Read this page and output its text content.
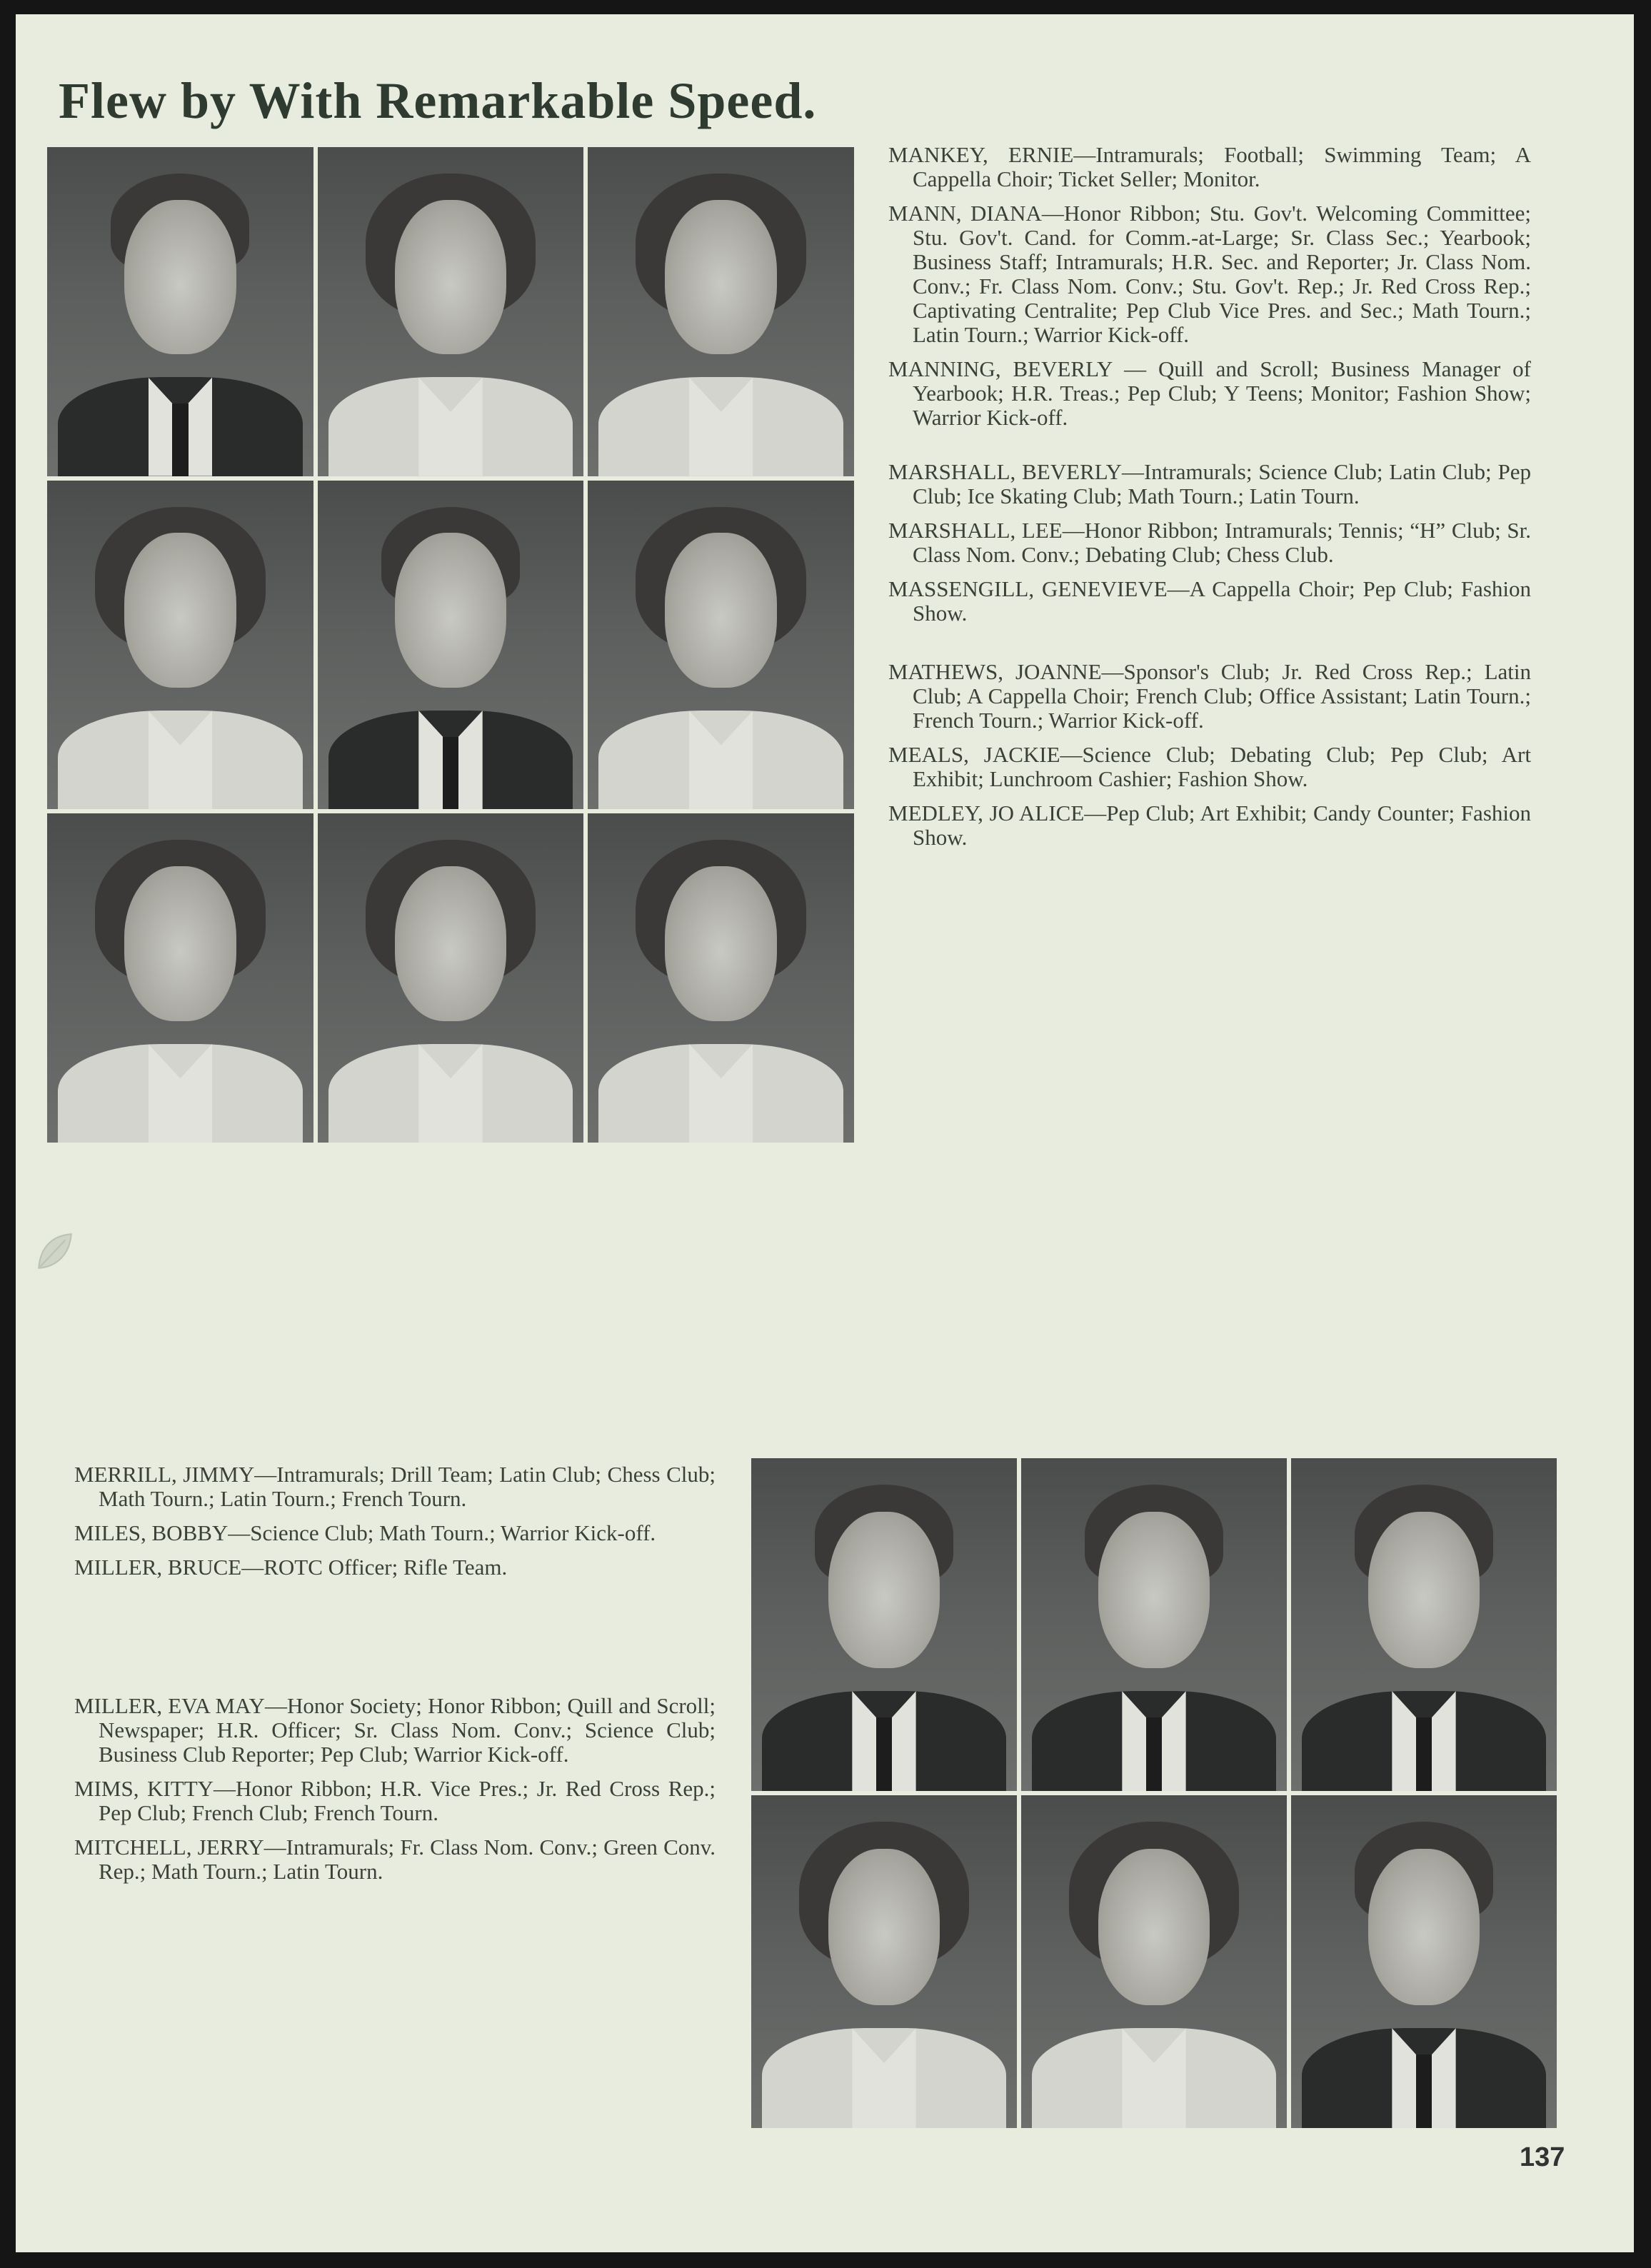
Flew by With Remarkable Speed.

MANKEY, ERNIE—Intramurals; Football; Swimming Team; A Cappella Choir; Ticket Seller; Monitor.

MANN, DIANA—Honor Ribbon; Stu. Gov't. Welcoming Committee; Stu. Gov't. Cand. for Comm.-at-Large; Sr. Class Sec.; Yearbook; Business Staff; Intramurals; H.R. Sec. and Reporter; Jr. Class Nom. Conv.; Fr. Class Nom. Conv.; Stu. Gov't. Rep.; Jr. Red Cross Rep.; Captivating Centralite; Pep Club Vice Pres. and Sec.; Math Tourn.; Latin Tourn.; Warrior Kick-off.

MANNING, BEVERLY — Quill and Scroll; Business Manager of Yearbook; H.R. Treas.; Pep Club; Y Teens; Monitor; Fashion Show; Warrior Kick-off.

MARSHALL, BEVERLY—Intramurals; Science Club; Latin Club; Pep Club; Ice Skating Club; Math Tourn.; Latin Tourn.

MARSHALL, LEE—Honor Ribbon; Intramurals; Tennis; “H” Club; Sr. Class Nom. Conv.; Debating Club; Chess Club.

MASSENGILL, GENEVIEVE—A Cappella Choir; Pep Club; Fashion Show.

MATHEWS, JOANNE—Sponsor's Club; Jr. Red Cross Rep.; Latin Club; A Cappella Choir; French Club; Office Assistant; Latin Tourn.; French Tourn.; Warrior Kick-off.

MEALS, JACKIE—Science Club; Debating Club; Pep Club; Art Exhibit; Lunchroom Cashier; Fashion Show.

MEDLEY, JO ALICE—Pep Club; Art Exhibit; Candy Counter; Fashion Show.

MERRILL, JIMMY—Intramurals; Drill Team; Latin Club; Chess Club; Math Tourn.; Latin Tourn.; French Tourn.

MILES, BOBBY—Science Club; Math Tourn.; Warrior Kick-off.

MILLER, BRUCE—ROTC Officer; Rifle Team.

MILLER, EVA MAY—Honor Society; Honor Ribbon; Quill and Scroll; Newspaper; H.R. Officer; Sr. Class Nom. Conv.; Science Club; Business Club Reporter; Pep Club; Warrior Kick-off.

MIMS, KITTY—Honor Ribbon; H.R. Vice Pres.; Jr. Red Cross Rep.; Pep Club; French Club; French Tourn.

MITCHELL, JERRY—Intramurals; Fr. Class Nom. Conv.; Green Conv. Rep.; Math Tourn.; Latin Tourn.

137
